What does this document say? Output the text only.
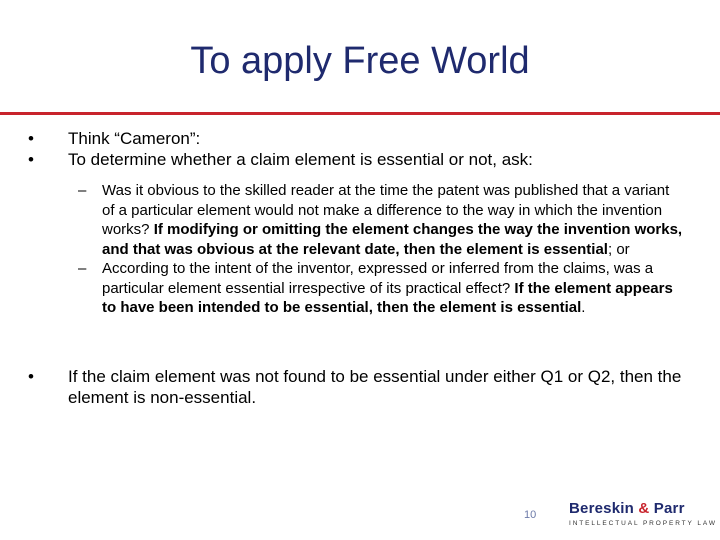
To apply Free World
•	Think “Cameron”:
•	To determine whether a claim element is essential or not, ask:
–	Was it obvious to the skilled reader at the time the patent was published that a variant of a particular element would not make a difference to the way in which the invention works? If modifying or omitting the element changes the way the invention works, and that was obvious at the relevant date, then the element is essential; or
–	According to the intent of the inventor, expressed or inferred from the claims, was a particular element essential irrespective of its practical effect? If the element appears to have been intended to be essential, then the element is essential.
•	If the claim element was not found to be essential under either Q1 or Q2, then the element is non-essential.
10 Bereskin & Parr
INTELLECTUAL PROPERTY LAW
